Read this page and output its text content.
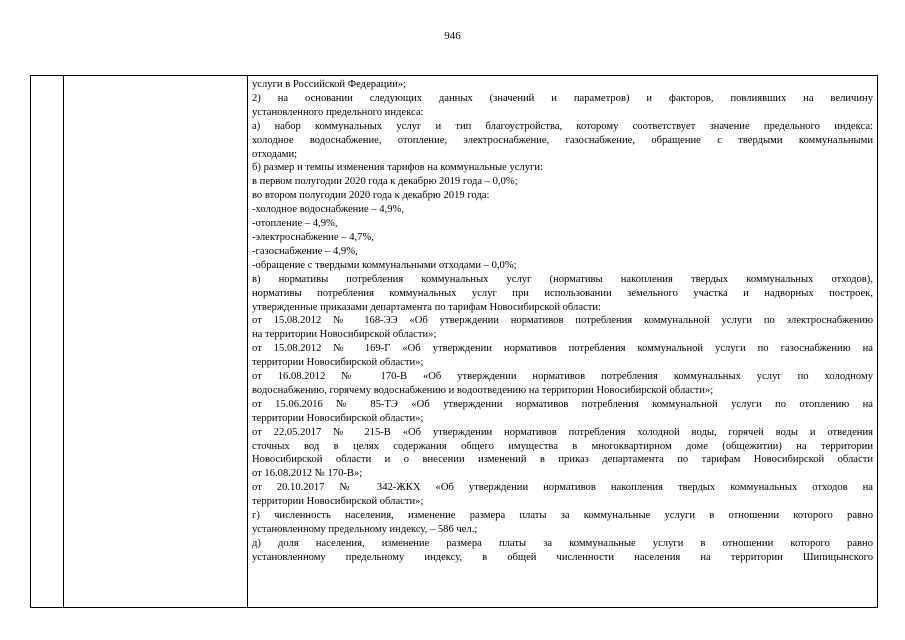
946
услуги в Российской Федерации»;
2) на основании следующих данных (значений и параметров) и факторов, повлиявших на величину
установленного предельного индекса:
а) набор коммунальных услуг и тип благоустройства, которому соответствует значение предельного индекса:
холодное водоснабжение, отопление, электроснабжение, газоснабжение, обращение с твердыми коммунальными
отходами;
б) размер и темпы изменения тарифов на коммунальные услуги:
в первом полугодии 2020 года к декабрю 2019 года – 0,0%;
во втором полугодии 2020 года к декабрю 2019 года:
-холодное водоснабжение – 4,9%,
-отопление – 4,9%,
-электроснабжение – 4,7%,
-газоснабжение – 4,9%,
-обращение с твердыми коммунальными отходами – 0,0%;
в) нормативы потребления коммунальных услуг (нормативы накопления твердых коммунальных отходов),
нормативы потребления коммунальных услуг при использовании земельного участка и надворных построек,
утвержденные приказами департамента по тарифам Новосибирской области:
от 15.08.2012 № 168-ЭЭ «Об утверждении нормативов потребления коммунальной услуги по электроснабжению
на территории Новосибирской области»;
от 15.08.2012 № 169-Г «Об утверждении нормативов потребления коммунальной услуги по газоснабжению на
территории Новосибирской области»;
от 16.08.2012 № 170-В «Об утверждении нормативов потребления коммунальных услуг по холодному
водоснабжению, горячему водоснабжению и водоотведению на территории Новосибирской области»;
от 15.06.2016 № 85-ТЭ «Об утверждении нормативов потребления коммунальной услуги по отоплению на
территории Новосибирской области»;
от 22.05.2017 № 215-В «Об утверждении нормативов потребления холодной воды, горячей воды и отведения
сточных вод в целях содержания общего имущества в многоквартирном доме (общежитии) на территории
Новосибирской области и о внесении изменений в приказ департамента по тарифам Новосибирской области
от 16.08.2012 № 170-В»;
от 20.10.2017 № 342-ЖКХ «Об утверждении нормативов накопления твердых коммунальных отходов на
территории Новосибирской области»;
г) численность населения, изменение размера платы за коммунальные услуги в отношении которого равно
установленному предельному индексу, – 586 чел.;
д) доля населения, изменение размера платы за коммунальные услуги в отношении которого равно
установленному предельному индексу, в общей численности населения на территории Шипицынского
